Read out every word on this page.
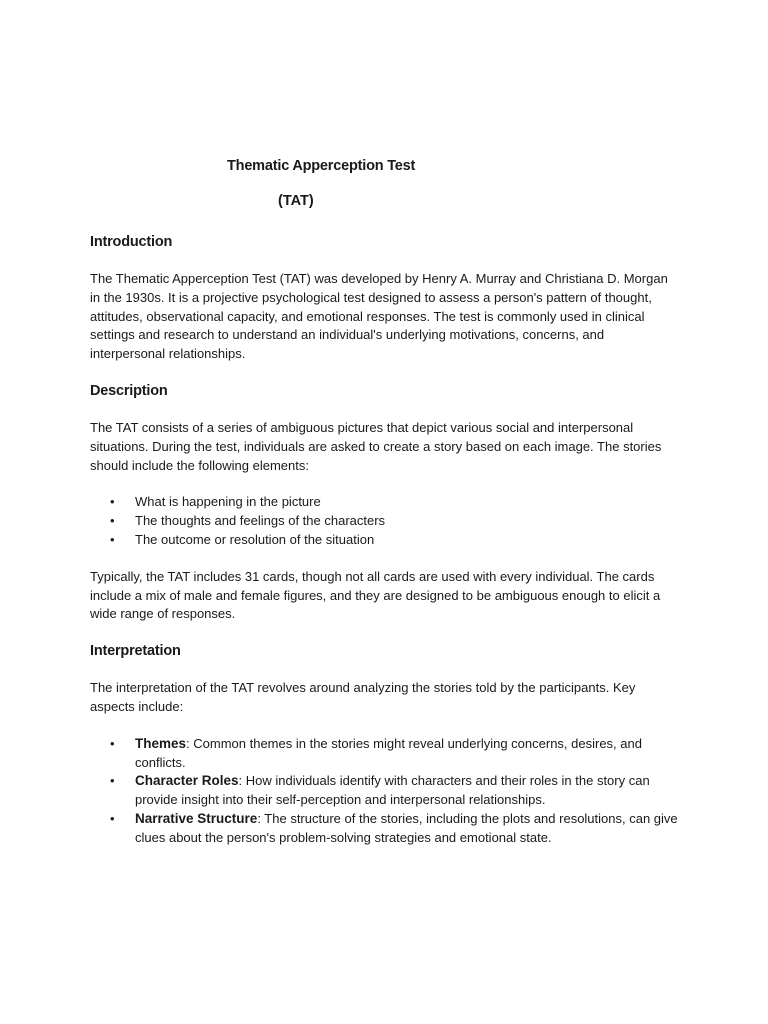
Thematic Apperception Test
(TAT)
Introduction

The Thematic Apperception Test (TAT) was developed by Henry A. Murray and Christiana D. Morgan in the 1930s. It is a projective psychological test designed to assess a person's pattern of thought, attitudes, observational capacity, and emotional responses. The test is commonly used in clinical settings and research to understand an individual's underlying motivations, concerns, and interpersonal relationships.

Description

The TAT consists of a series of ambiguous pictures that depict various social and interpersonal situations. During the test, individuals are asked to create a story based on each image. The stories should include the following elements:

• What is happening in the picture
• The thoughts and feelings of the characters
• The outcome or resolution of the situation

Typically, the TAT includes 31 cards, though not all cards are used with every individual. The cards include a mix of male and female figures, and they are designed to be ambiguous enough to elicit a wide range of responses.

Interpretation

The interpretation of the TAT revolves around analyzing the stories told by the participants. Key aspects include:

• Themes: Common themes in the stories might reveal underlying concerns, desires, and conflicts.
• Character Roles: How individuals identify with characters and their roles in the story can provide insight into their self-perception and interpersonal relationships.
• Narrative Structure: The structure of the stories, including the plots and resolutions, can give clues about the person's problem-solving strategies and emotional state.
